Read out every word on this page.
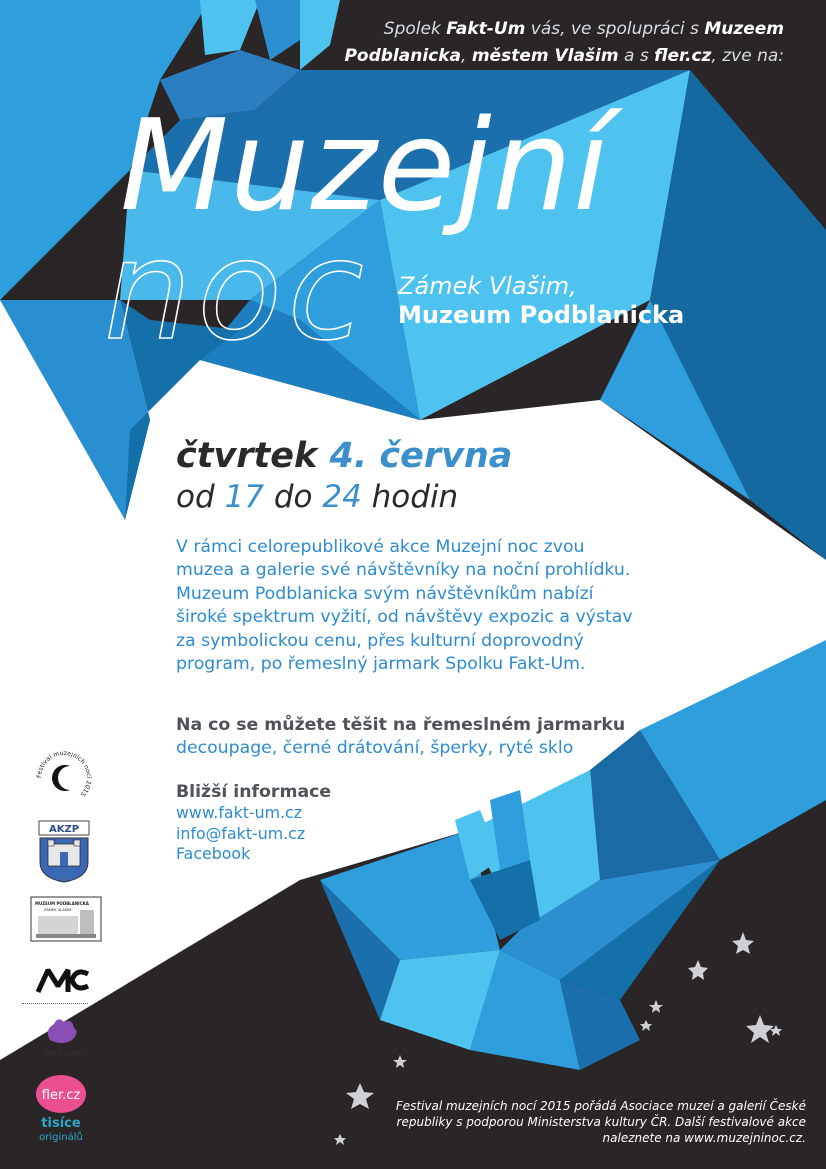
Spolek Fakt-Um vás, ve spolupráci s Muzeem Podblanicka, městem Vlašim a s fler.cz, zve na:
Muzejní
noc Zámek Vlašim,
Muzeum Podblanicka
čtvrtek 4. června
od 17 do 24 hodin
V rámci celorepublikové akce Muzejní noc zvou muzea a galerie své návštěvníky na noční prohlídku. Muzeum Podblanicka svým návštěvníkům nabízí široké spektrum vyžití, od návštěvy expozic a výstav za symbolickou cenu, přes kulturní doprovodný program, po řemeslný jarmark Spolku Fakt-Um.
Na co se můžete těšit na řemeslném jarmarku
decoupage, černé drátování, šperky, ryté sklo
Bližší informace
www.fakt-um.cz
info@fakt-um.cz
Facebook
Festival muzejních nocí 2015
AKZP
MUZEUM PODBLANICKA
ZÁMEK VLAŠIM
MC
fakt-um
fler.cz
tisíce
originálů
Festival muzejních nocí 2015 pořádá Asociace muzeí a galerií České
republiky s podporou Ministerstva kultury ČR. Další festivalové akce
naleznete na www.muzejninoc.cz.
